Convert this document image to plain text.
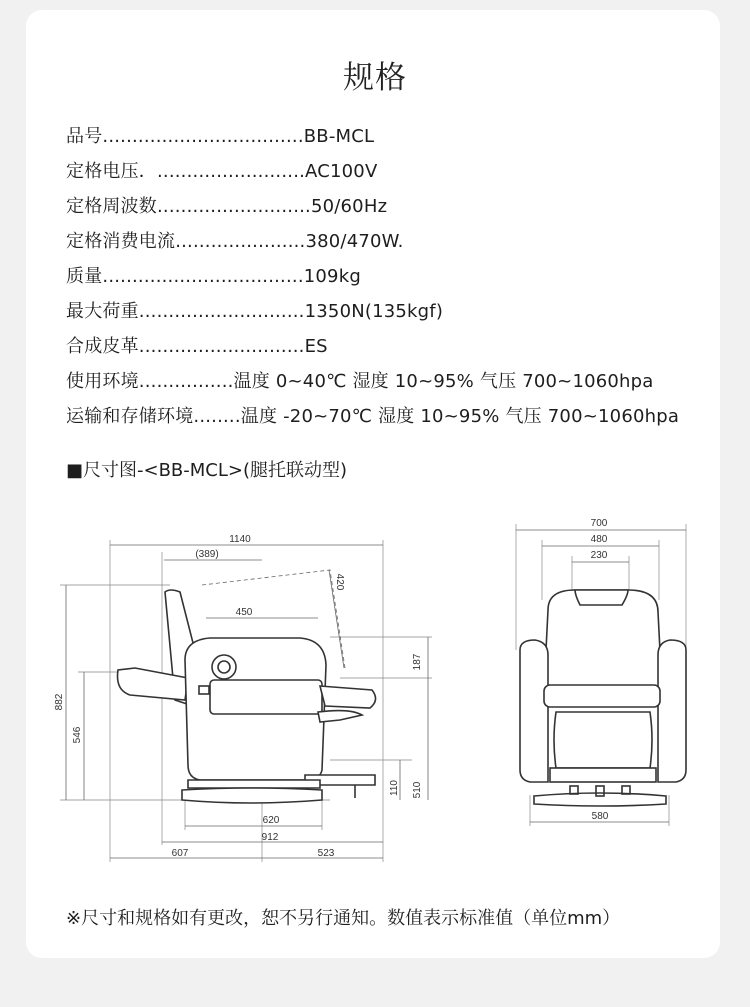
规格
品号..................................BB-MCL
定格电压．.........................AC100V
定格周波数..........................50/60Hz
定格消费电流......................380/470W.
质量..................................109kg
最大荷重............................1350N(135kgf)
合成皮革............................ES
使用环境................温度 0~40℃ 湿度 10~95% 气压 700~1060hpa
运输和存储环境........温度 -20~70℃ 湿度 10~95% 气压 700~1060hpa
■尺寸图-<BB-MCL>(腿托联动型)
1140
(389)
450
420
187
882
546
510
110
620
912
607	523
700
480
230
580
※尺寸和规格如有更改，恕不另行通知。数值表示标准值（单位mm）
